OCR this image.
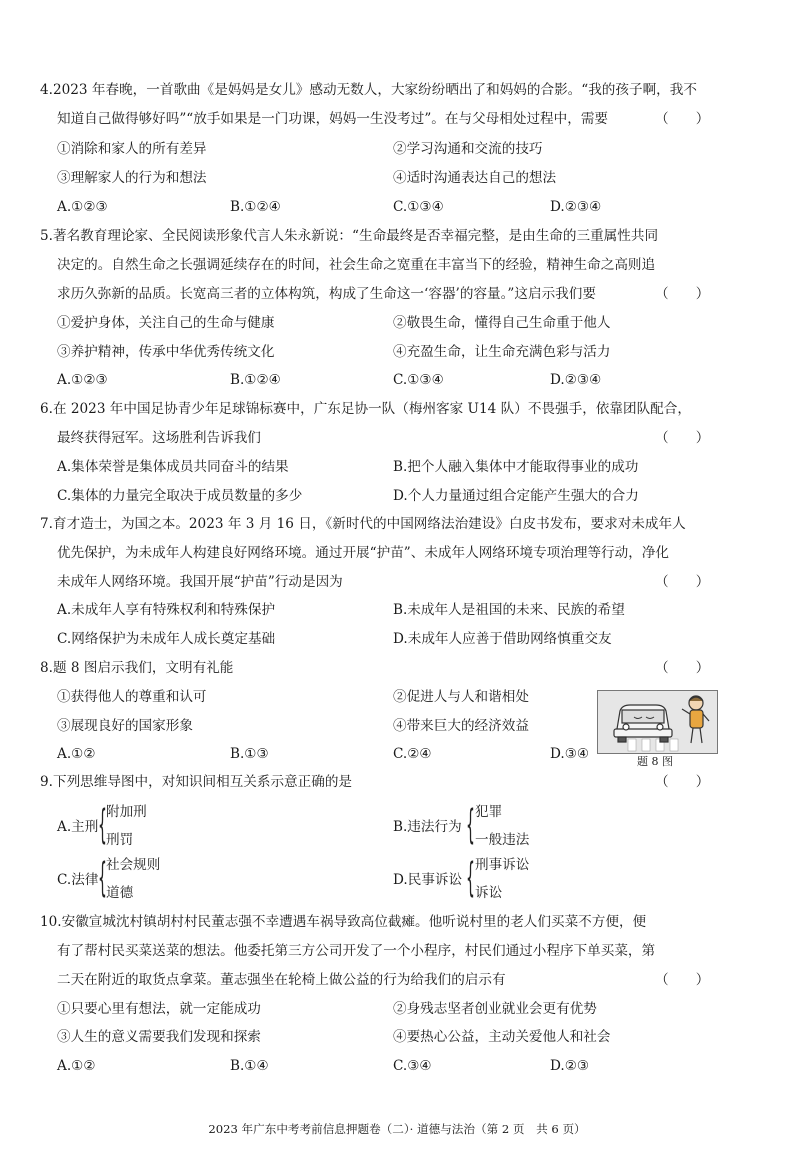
4.2023 年春晚，一首歌曲《是妈妈是女儿》感动无数人，大家纷纷晒出了和妈妈的合影。“我的孩子啊，我不
知道自己做得够好吗”“放手如果是一门功课，妈妈一生没考过”。在与父母相处过程中，需要	（　　）
①消除和家人的所有差异	②学习沟通和交流的技巧
③理解家人的行为和想法	④适时沟通表达自己的想法
A.①②③	B.①②④	C.①③④	D.②③④
5.著名教育理论家、全民阅读形象代言人朱永新说：“生命最终是否幸福完整，是由生命的三重属性共同
决定的。自然生命之长强调延续存在的时间，社会生命之宽重在丰富当下的经验，精神生命之高则追
求历久弥新的品质。长宽高三者的立体构筑，构成了生命这一‘容器’的容量。”这启示我们要	（　　）
①爱护身体，关注自己的生命与健康	②敬畏生命，懂得自己生命重于他人
③养护精神，传承中华优秀传统文化	④充盈生命，让生命充满色彩与活力
A.①②③	B.①②④	C.①③④	D.②③④
6.在 2023 年中国足协青少年足球锦标赛中，广东足协一队（梅州客家 U14 队）不畏强手，依靠团队配合，
最终获得冠军。这场胜利告诉我们	（　　）
A.集体荣誉是集体成员共同奋斗的结果	B.把个人融入集体中才能取得事业的成功
C.集体的力量完全取决于成员数量的多少	D.个人力量通过组合定能产生强大的合力
7.育才造士，为国之本。2023 年 3 月 16 日，《新时代的中国网络法治建设》白皮书发布，要求对未成年人
优先保护，为未成年人构建良好网络环境。通过开展“护苗”、未成年人网络环境专项治理等行动，净化
未成年人网络环境。我国开展“护苗”行动是因为	（　　）
A.未成年人享有特殊权利和特殊保护	B.未成年人是祖国的未来、民族的希望
C.网络保护为未成年人成长奠定基础	D.未成年人应善于借助网络慎重交友
8.题 8 图启示我们，文明有礼能	（　　）
①获得他人的尊重和认可	②促进人与人和谐相处
③展现良好的国家形象	④带来巨大的经济效益
A.①②	B.①③	C.②④	D.③④	题 8 图
9.下列思维导图中，对知识间相互关系示意正确的是	（　　）
A.主刑 { 附加刑
刑罚
B.违法行为 { 犯罪
一般违法
C.法律 { 社会规则
道德
D.民事诉讼 { 刑事诉讼
诉讼
10.安徽宣城沈村镇胡村村民董志强不幸遭遇车祸导致高位截瘫。他听说村里的老人们买菜不方便，便
有了帮村民买菜送菜的想法。他委托第三方公司开发了一个小程序，村民们通过小程序下单买菜，第
二天在附近的取货点拿菜。董志强坐在轮椅上做公益的行为给我们的启示有	（　　）
①只要心里有想法，就一定能成功	②身残志坚者创业就业会更有优势
③人生的意义需要我们发现和探索	④要热心公益，主动关爱他人和社会
A.①②	B.①④	C.③④	D.②③
2023 年广东中考考前信息押题卷（二）· 道德与法治（第 2 页　共 6 页）
